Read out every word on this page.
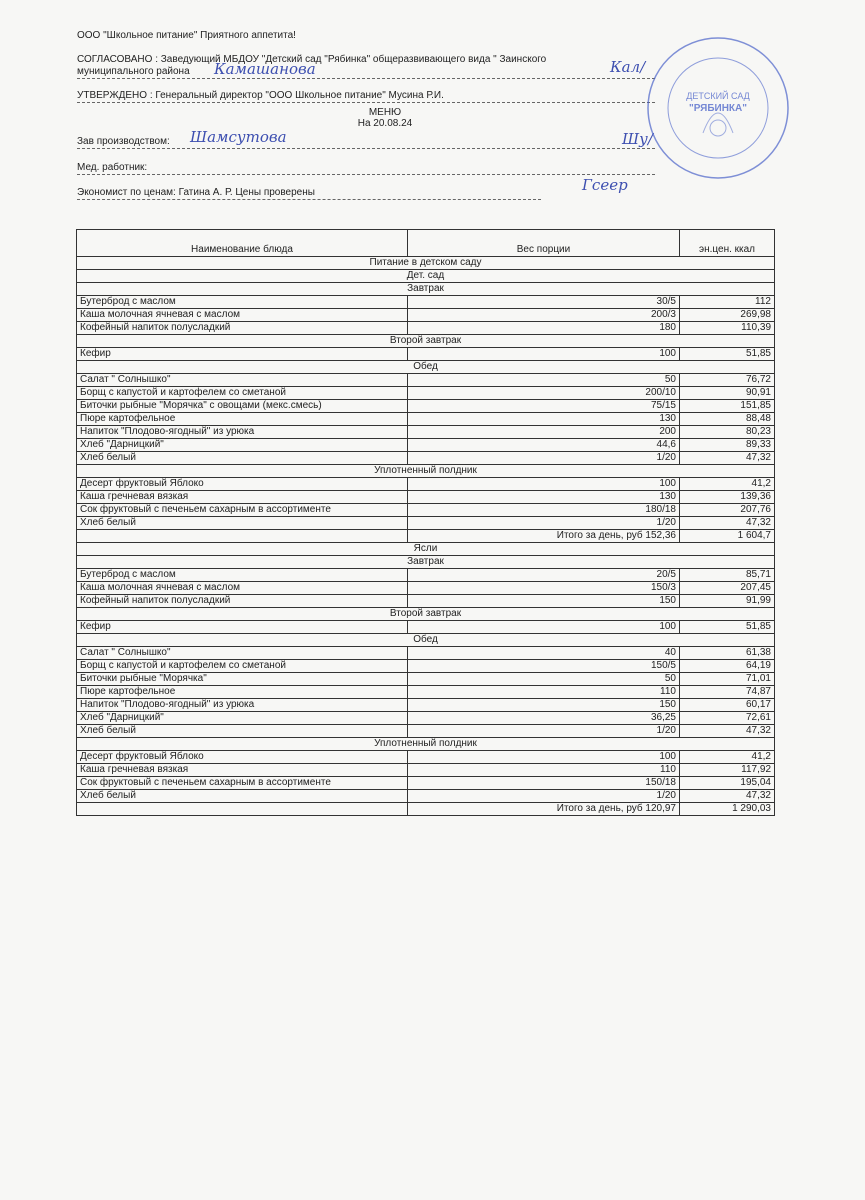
ООО "Школьное питание" Приятного аппетита!
СОГЛАСОВАНО : Заведующий МБДОУ "Детский сад "Рябинка" общеразвивающего вида " Заинского
муниципального района Камашанова	Кал/
УТВЕРЖДЕНО : Генеральный директор "ООО Школьное питание" Мусина Р.И.
МЕНЮ
На 20.08.24
Зав производством: Шамсутова	Шу/
Мед. работник:
Экономист по ценам: Гатина А. Р. Цены проверены	Гсеер
ДЕТСКИЙ САД
"РЯБИНКА"
Наименование блюда	Вес порции	эн.цен. ккал
Питание в детском саду		
Дет. сад		
Завтрак		
Бутерброд с маслом	30/5	112
Каша молочная ячневая с маслом	200/3	269,98
Кофейный напиток полусладкий	180	110,39
Второй завтрак		
Кефир	100	51,85
Обед		
Салат " Солнышко"	50	76,72
Борщ с капустой и картофелем со сметаной	200/10	90,91
Биточки рыбные "Морячка" с овощами (мекс.смесь)	75/15	151,85
Пюре картофельное	130	88,48
Напиток "Плодово-ягодный" из урюка	200	80,23
Хлеб "Дарницкий"	44,6	89,33
Хлеб белый	1/20	47,32
Уплотненный полдник		
Десерт фруктовый Яблоко	100	41,2
Каша гречневая вязкая	130	139,36
Сок фруктовый с печеньем сахарным в ассортименте	180/18	207,76
Хлеб белый	1/20	47,32
	Итого за день, руб 152,36	1 604,7
Ясли		
Завтрак		
Бутерброд с маслом	20/5	85,71
Каша молочная ячневая с маслом	150/3	207,45
Кофейный напиток полусладкий	150	91,99
Второй завтрак		
Кефир	100	51,85
Обед		
Салат " Солнышко"	40	61,38
Борщ с капустой и картофелем со сметаной	150/5	64,19
Биточки рыбные "Морячка"	50	71,01
Пюре картофельное	110	74,87
Напиток "Плодово-ягодный" из урюка	150	60,17
Хлеб "Дарницкий"	36,25	72,61
Хлеб белый	1/20	47,32
Уплотненный полдник		
Десерт фруктовый Яблоко	100	41,2
Каша гречневая вязкая	110	117,92
Сок фруктовый с печеньем сахарным в ассортименте	150/18	195,04
Хлеб белый	1/20	47,32
	Итого за день, руб 120,97	1 290,03
